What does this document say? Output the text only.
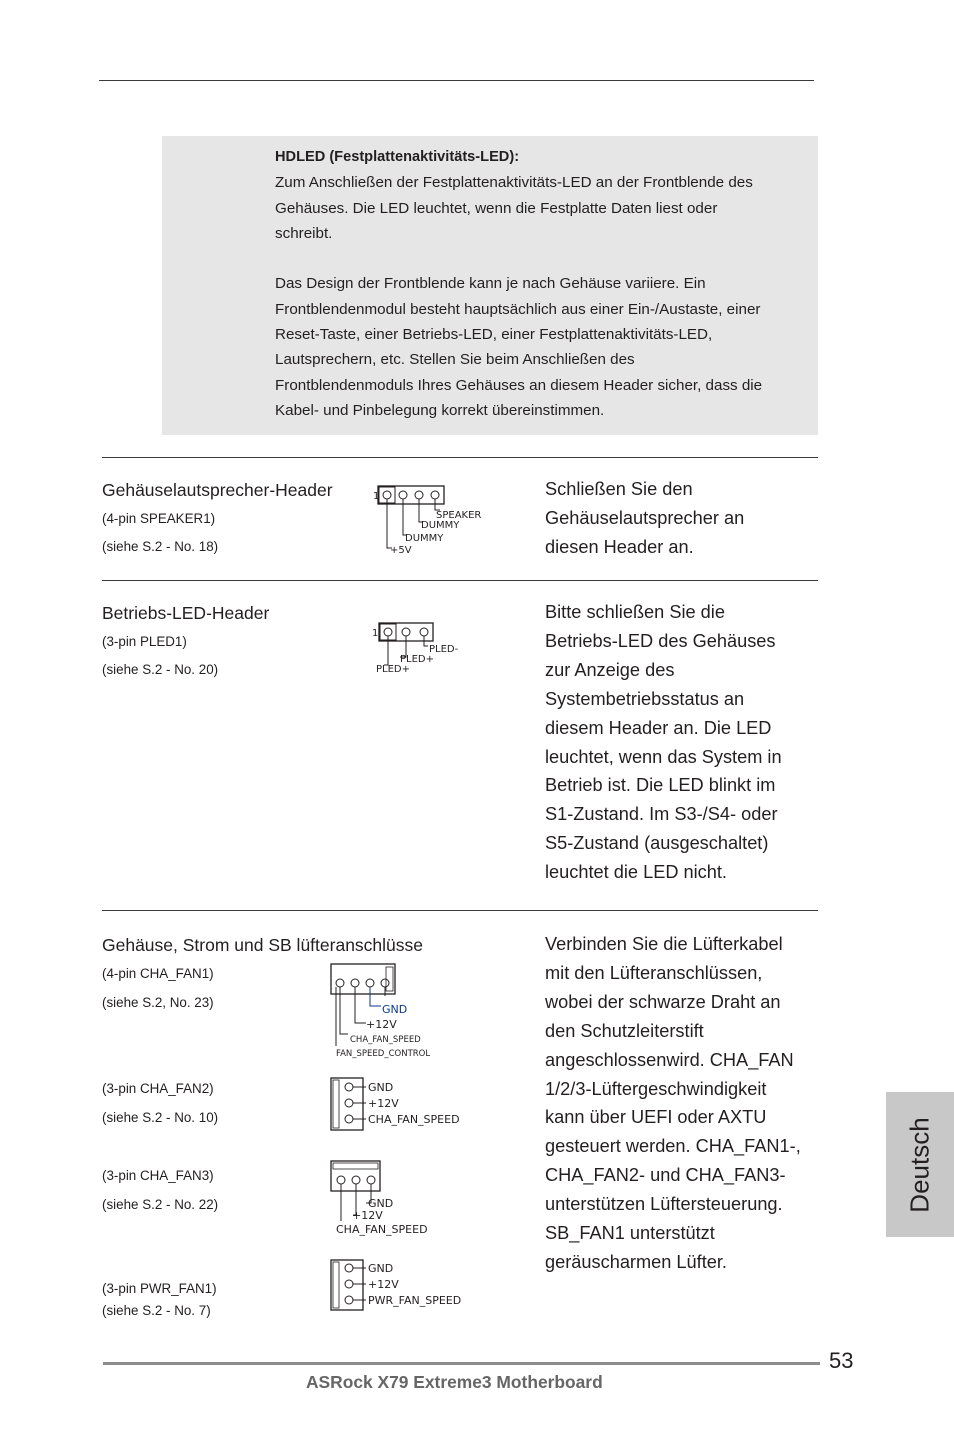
HDLED (Festplattenaktivitäts-LED):
Zum Anschließen der Festplattenaktivitäts-LED an der Frontblende des
Gehäuses. Die LED leuchtet, wenn die Festplatte Daten liest oder
schreibt.
Das Design der Frontblende kann je nach Gehäuse variiere. Ein
Frontblendenmodul besteht hauptsächlich aus einer Ein-/Austaste, einer
Reset-Taste, einer Betriebs-LED, einer Festplattenaktivitäts-LED,
Lautsprechern, etc. Stellen Sie beim Anschließen des
Frontblendenmoduls Ihres Gehäuses an diesem Header sicher, dass die
Kabel- und Pinbelegung korrekt übereinstimmen.
Gehäuselautsprecher-Header
(4-pin SPEAKER1)
(siehe S.2 - No. 18)
1
SPEAKER
DUMMY
DUMMY
+5V
Schließen Sie den
Gehäuselautsprecher an
diesen Header an.
Betriebs-LED-Header
(3-pin PLED1)
(siehe S.2 - No. 20)
1
PLED-
PLED+
PLED+
Bitte schließen Sie die
Betriebs-LED des Gehäuses
zur Anzeige des
Systembetriebsstatus an
diesem Header an. Die LED
leuchtet, wenn das System in
Betrieb ist. Die LED blinkt im
S1-Zustand. Im S3-/S4- oder
S5-Zustand (ausgeschaltet)
leuchtet die LED nicht.
Gehäuse, Strom und SB lüfteranschlüsse
(4-pin CHA_FAN1)
(siehe S.2, No. 23)	GND
+12V
CHA_FAN_SPEED
FAN_SPEED_CONTROL
(3-pin CHA_FAN2)
(siehe S.2 - No. 10)
GND
+12V
CHA_FAN_SPEED
(3-pin CHA_FAN3)
(siehe S.2 - No. 22)	GND
+12V
CHA_FAN_SPEED
GND
+12V
PWR_FAN_SPEED
(3-pin PWR_FAN1)
(siehe S.2 - No. 7)
Verbinden Sie die Lüfterkabel
mit den Lüfteranschlüssen,
wobei der schwarze Draht an
den Schutzleiterstift
angeschlossenwird. CHA_FAN
1/2/3-Lüftergeschwindigkeit
kann über UEFI oder AXTU
gesteuert werden. CHA_FAN1-,
CHA_FAN2- und CHA_FAN3-
unterstützen Lüftersteuerung.
SB_FAN1 unterstützt
geräuscharmen Lüfter.
Deutsch
53
ASRock X79 Extreme3 Motherboard
